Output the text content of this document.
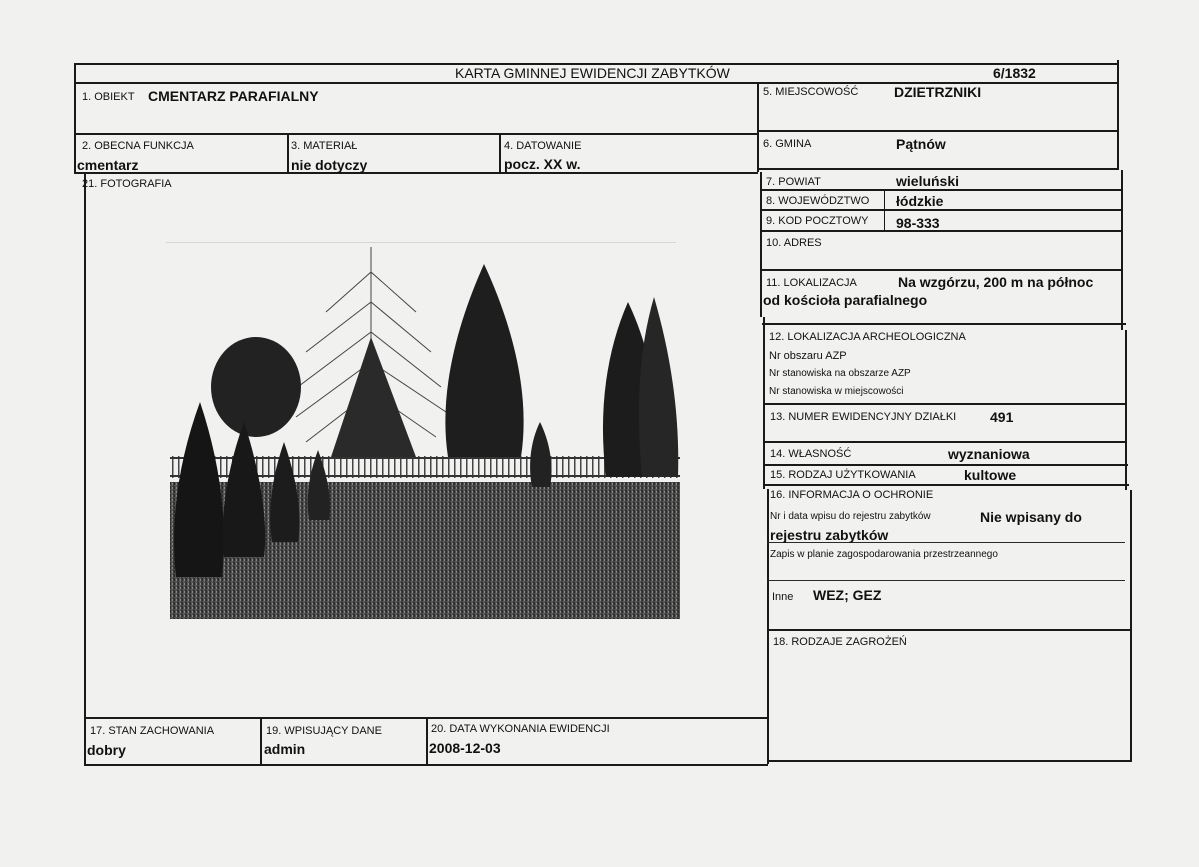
KARTA GMINNEJ EWIDENCJI ZABYTKÓW	6/1832
1. OBIEKT CMENTARZ PARAFIALNY
2. OBECNA FUNKCJA
cmentarz
3. MATERIAŁ
nie dotyczy
4. DATOWANIE
pocz. XX w.
21. FOTOGRAFIA
17. STAN ZACHOWANIA
dobry
19. WPISUJĄCY DANE
admin
20. DATA WYKONANIA EWIDENCJI
2008-12-03
5. MIEJSCOWOŚĆ	DZIETRZNIKI
6. GMINA	Pątnów
7. POWIAT	wieluński
8. WOJEWÓDZTWO łódzkie
9. KOD POCZTOWY 98-333
10. ADRES
11. LOKALIZACJA	Na wzgórzu, 200 m na północ
od kościoła parafialnego
12. LOKALIZACJA ARCHEOLOGICZNA
Nr obszaru AZP
Nr stanowiska na obszarze AZP
Nr stanowiska w miejscowości
13. NUMER EWIDENCYJNY DZIAŁKI 491
14. WŁASNOŚĆ	wyznaniowa
15. RODZAJ UŻYTKOWANIA	kultowe
16. INFORMACJA O OCHRONIE
Nr i data wpisu do rejestru zabytków	Nie wpisany do
rejestru zabytków
Zapis w planie zagospodarowania przestrzeannego
Inne WEZ; GEZ
18. RODZAJE ZAGROŻEŃ
